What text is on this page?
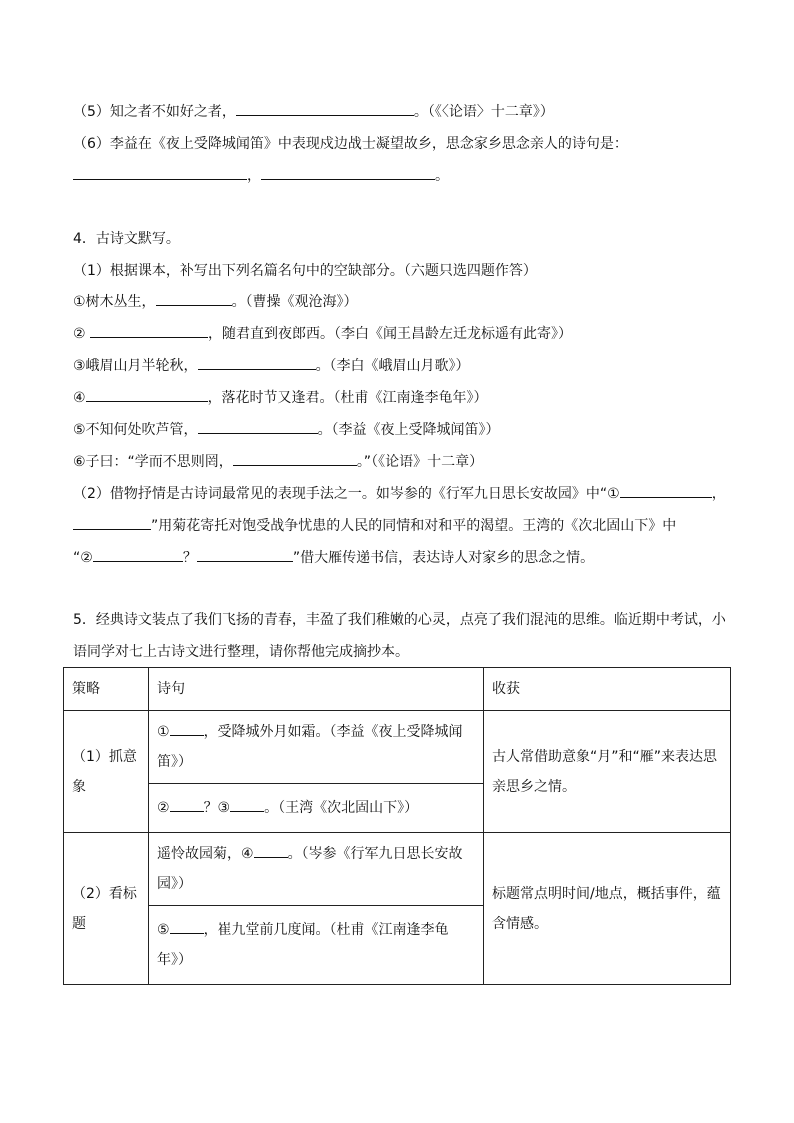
（5）知之者不如好之者，	。（《〈论语〉十二章》）
（6）李益在《夜上受降城闻笛》中表现戍边战士凝望故乡，思念家乡思念亲人的诗句是：
，	。
4．古诗文默写。
（1）根据课本，补写出下列名篇名句中的空缺部分。（六题只选四题作答）
①树木丛生，	。（曹操《观沧海》）
②	，随君直到夜郎西。（李白《闻王昌龄左迁龙标遥有此寄》）
③峨眉山月半轮秋，	。（李白《峨眉山月歌》）
④	，落花时节又逢君。（杜甫《江南逢李龟年》）
⑤不知何处吹芦管，	。（李益《夜上受降城闻笛》）
⑥子曰：“学而不思则罔，	。”（《论语》十二章）
（2）借物抒情是古诗词最常见的表现手法之一。如岑参的《行军九日思长安故园》中“①	，
”用菊花寄托对饱受战争忧患的人民的同情和对和平的渴望。王湾的《次北固山下》中
“②	？	”借大雁传递书信，表达诗人对家乡的思念之情。
5．经典诗文装点了我们飞扬的青春，丰盈了我们稚嫩的心灵，点亮了我们混沌的思维。临近期中考试，小
语同学对七上古诗文进行整理，请你帮他完成摘抄本。
策略	诗句	收获
（1）抓意象	① ，受降城外月如霜。（李益《夜上受降城闻笛》）	古人常借助意象“月”和“雁”来表达思亲思乡之情。
	② ？③ 。（王湾《次北固山下》）	
（2）看标题	遥怜故园菊，④ 。（岑参《行军九日思长安故园》）	标题常点明时间/地点，概括事件，蕴含情感。
	⑤ ，崔九堂前几度闻。（杜甫《江南逢李龟年》）	
